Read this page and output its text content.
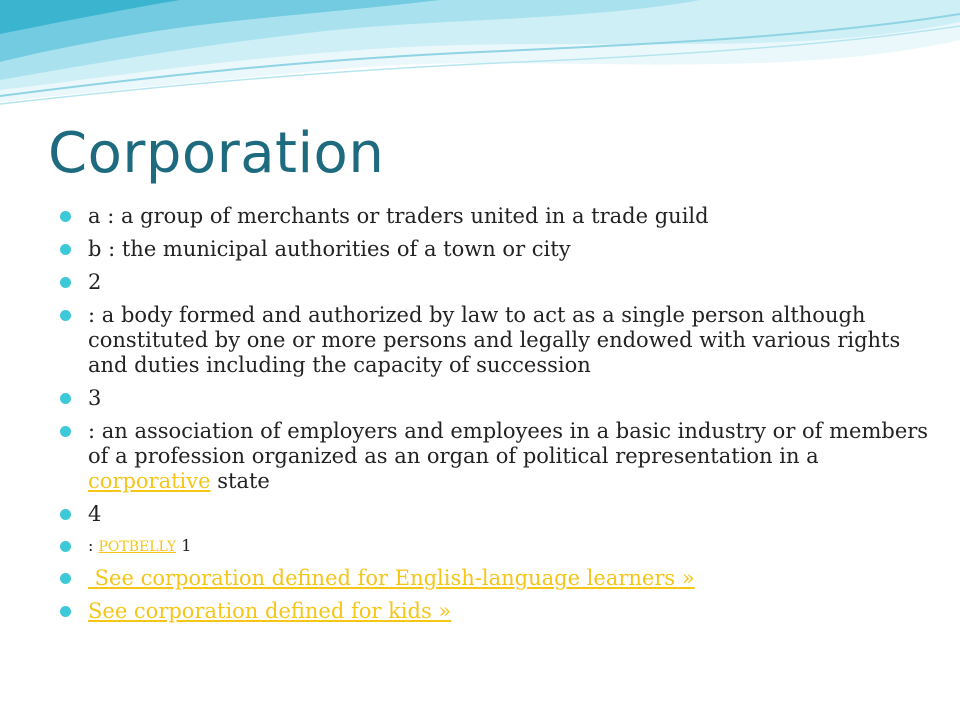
Corporation
a : a group of merchants or traders united in a trade guild
b : the municipal authorities of a town or city
2
: a body formed and authorized by law to act as a single person although constituted by one or more persons and legally endowed with various rights and duties including the capacity of succession
3
: an association of employers and employees in a basic industry or of members of a profession organized as an organ of political representation in a corporative state
4
: POTBELLY 1
See corporation defined for English-language learners »
See corporation defined for kids »
